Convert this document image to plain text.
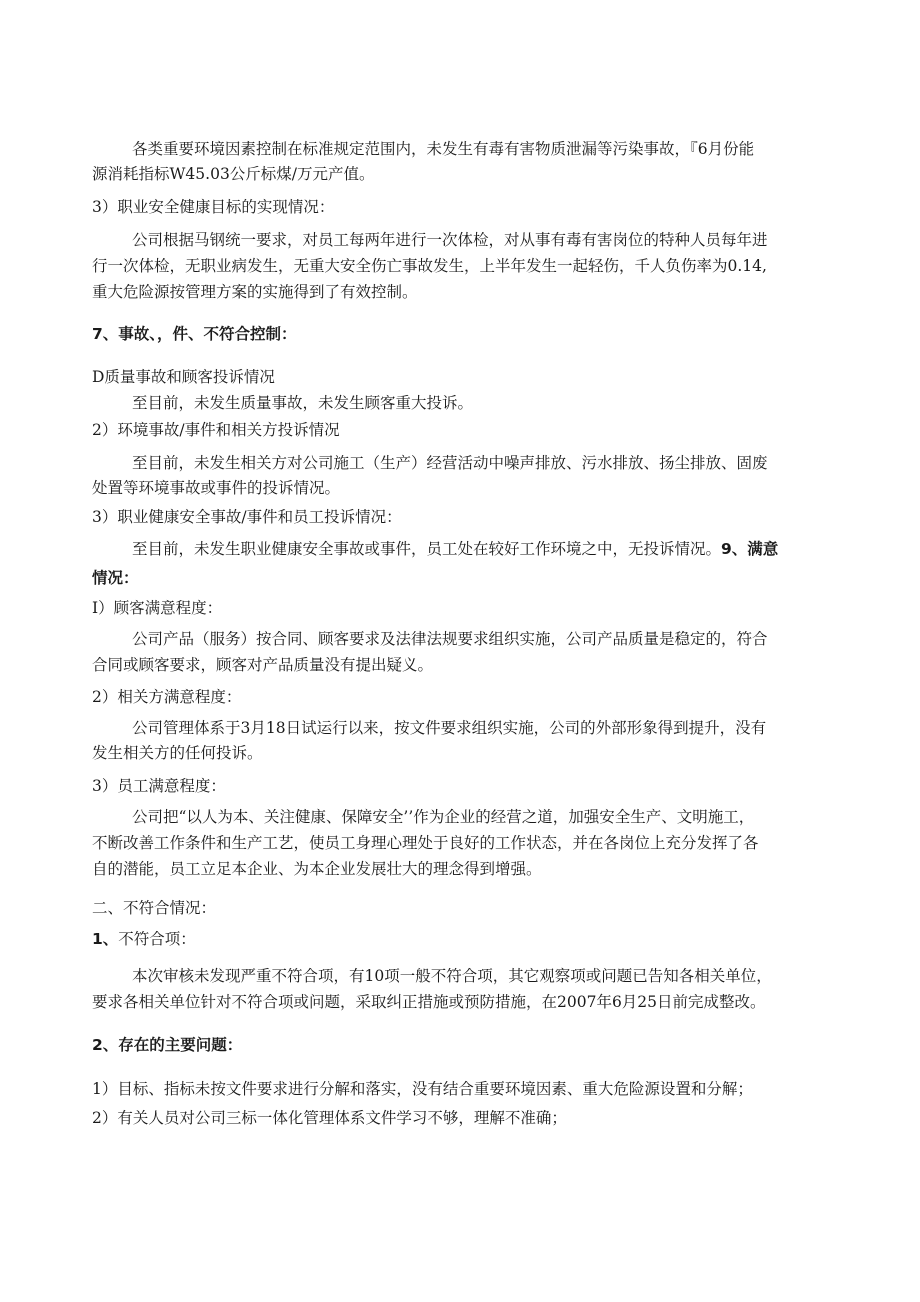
各类重要环境因素控制在标准规定范围内，未发生有毒有害物质泄漏等污染事故，『6月份能
源消耗指标W45.03公斤标煤/万元产值。
3）职业安全健康目标的实现情况：
公司根据马钢统一要求，对员工每两年进行一次体检，对从事有毒有害岗位的特种人员每年进
行一次体检，无职业病发生，无重大安全伤亡事故发生，上半年发生一起轻伤，千人负伤率为0.14,
重大危险源按管理方案的实施得到了有效控制。
7、事故、，件、不符合控制：
D质量事故和顾客投诉情况
至目前，未发生质量事故，未发生顾客重大投诉。
2）环境事故/事件和相关方投诉情况
至目前，未发生相关方对公司施工（生产）经营活动中噪声排放、污水排放、扬尘排放、固废
处置等环境事故或事件的投诉情况。
3）职业健康安全事故/事件和员工投诉情况：
至目前，未发生职业健康安全事故或事件，员工处在较好工作环境之中，无投诉情况。9、满意
情况：
I）顾客满意程度：
公司产品（服务）按合同、顾客要求及法律法规要求组织实施，公司产品质量是稳定的，符合
合同或顾客要求，顾客对产品质量没有提出疑义。
2）相关方满意程度：
公司管理体系于3月18日试运行以来，按文件要求组织实施，公司的外部形象得到提升，没有
发生相关方的任何投诉。
3）员工满意程度：
公司把“以人为本、关注健康、保障安全’’作为企业的经营之道，加强安全生产、文明施工，
不断改善工作条件和生产工艺，使员工身理心理处于良好的工作状态，并在各岗位上充分发挥了各
自的潜能，员工立足本企业、为本企业发展壮大的理念得到增强。
二、不符合情况：
1、不符合项：
本次审核未发现严重不符合项，有10项一般不符合项，其它观察项或问题已告知各相关单位，
要求各相关单位针对不符合项或问题，采取纠正措施或预防措施，在2007年6月25日前完成整改。
2、存在的主要问题：
1）目标、指标未按文件要求进行分解和落实，没有结合重要环境因素、重大危险源设置和分解；
2）有关人员对公司三标一体化管理体系文件学习不够，理解不准确；
